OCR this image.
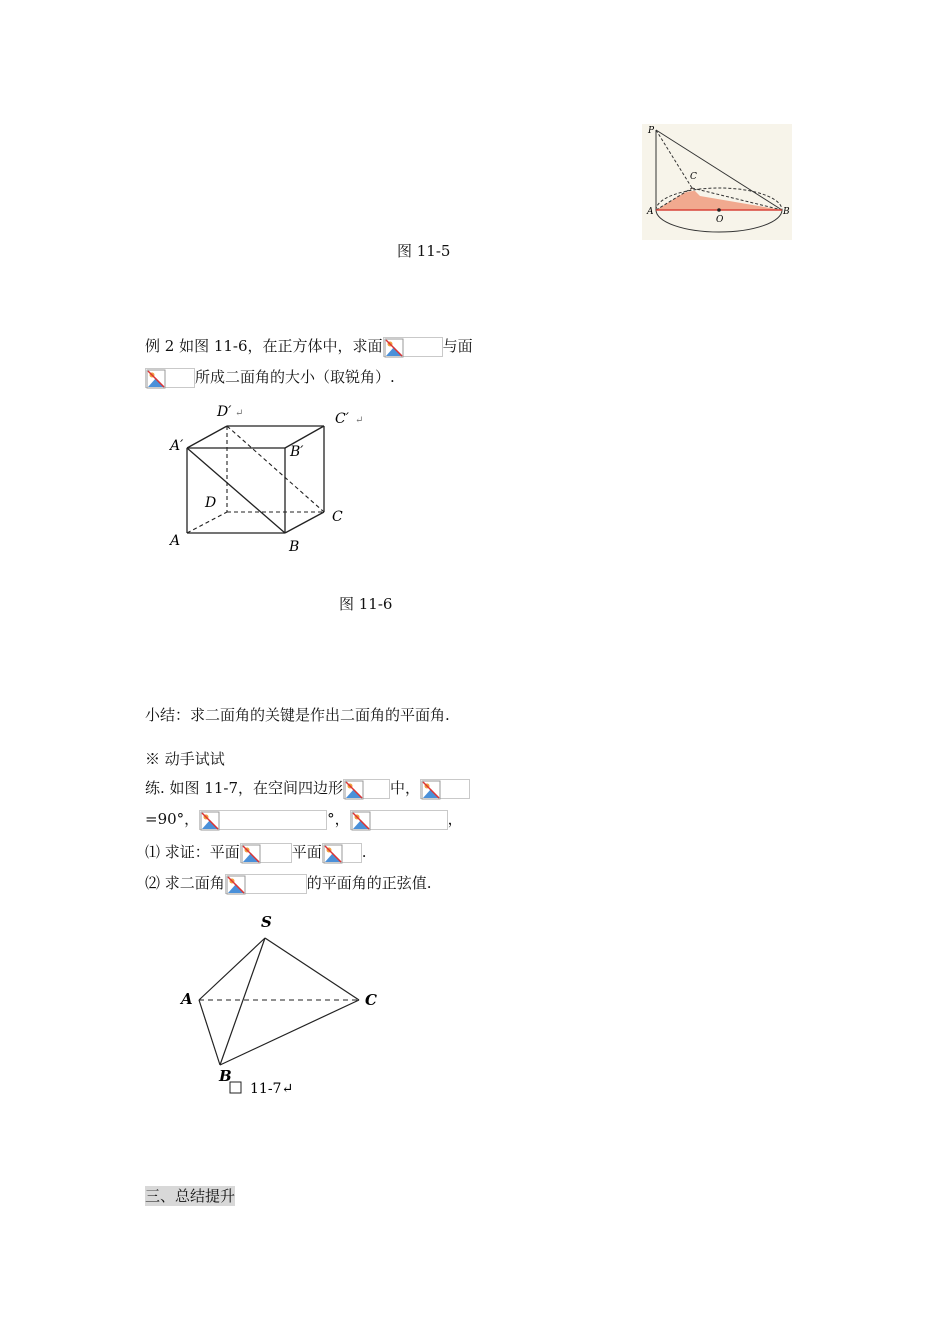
P
C
A
O
B
图 11-5
例 2 如图 11-6，在正方体中，求面	与面
所成二面角的大小（取锐角）.
D′ ↵	C′ ↵
A′	B′
D
C
A	B
图 11-6
小结：求二面角的关键是作出二面角的平面角.
※ 动手试试
练. 如图 11-7，在空间四边形	中，
=90°，	°，	，
⑴ 求证：平面	平面	.
⑵ 求二面角	的平面角的正弦值.
S
A	C
B
11-7↵
三、总结提升
